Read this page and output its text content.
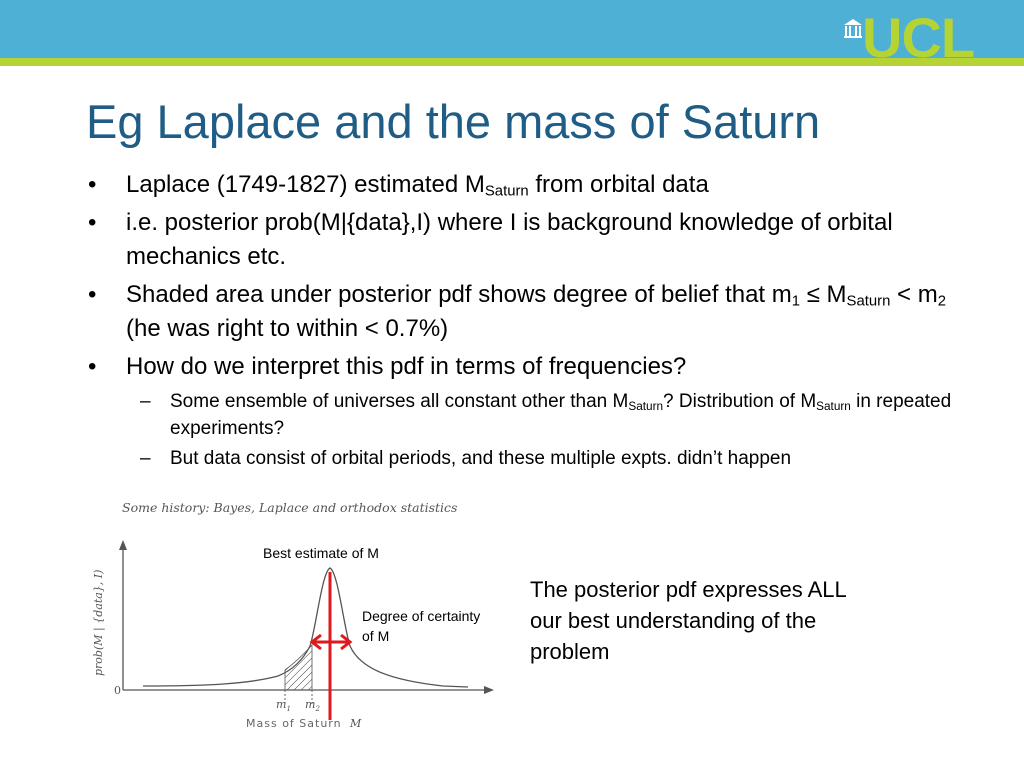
UCL
Eg Laplace and the mass of Saturn
• Laplace (1749-1827) estimated $M_{Saturn}$ from orbital data
• i.e. posterior prob(M|{data},I) where I is background knowledge of orbital mechanics etc.
• Shaded area under posterior pdf shows degree of belief that $m_1 \le M_{Saturn} < m_2$ (he was right to within < 0.7%)
• How do we interpret this pdf in terms of frequencies?
– Some ensemble of universes all constant other than $M_{Saturn}$? Distribution of $M_{Saturn}$ in repeated experiments?
– But data consist of orbital periods, and these multiple expts. didn’t happen
Some history: Bayes, Laplace and orthodox statistics
0
prob(M | {data}, I)
$m_1$ $m_2$
Mass of Saturn M
Best estimate of M
Degree of certainty of M
The posterior pdf expresses ALL our best understanding of the problem
